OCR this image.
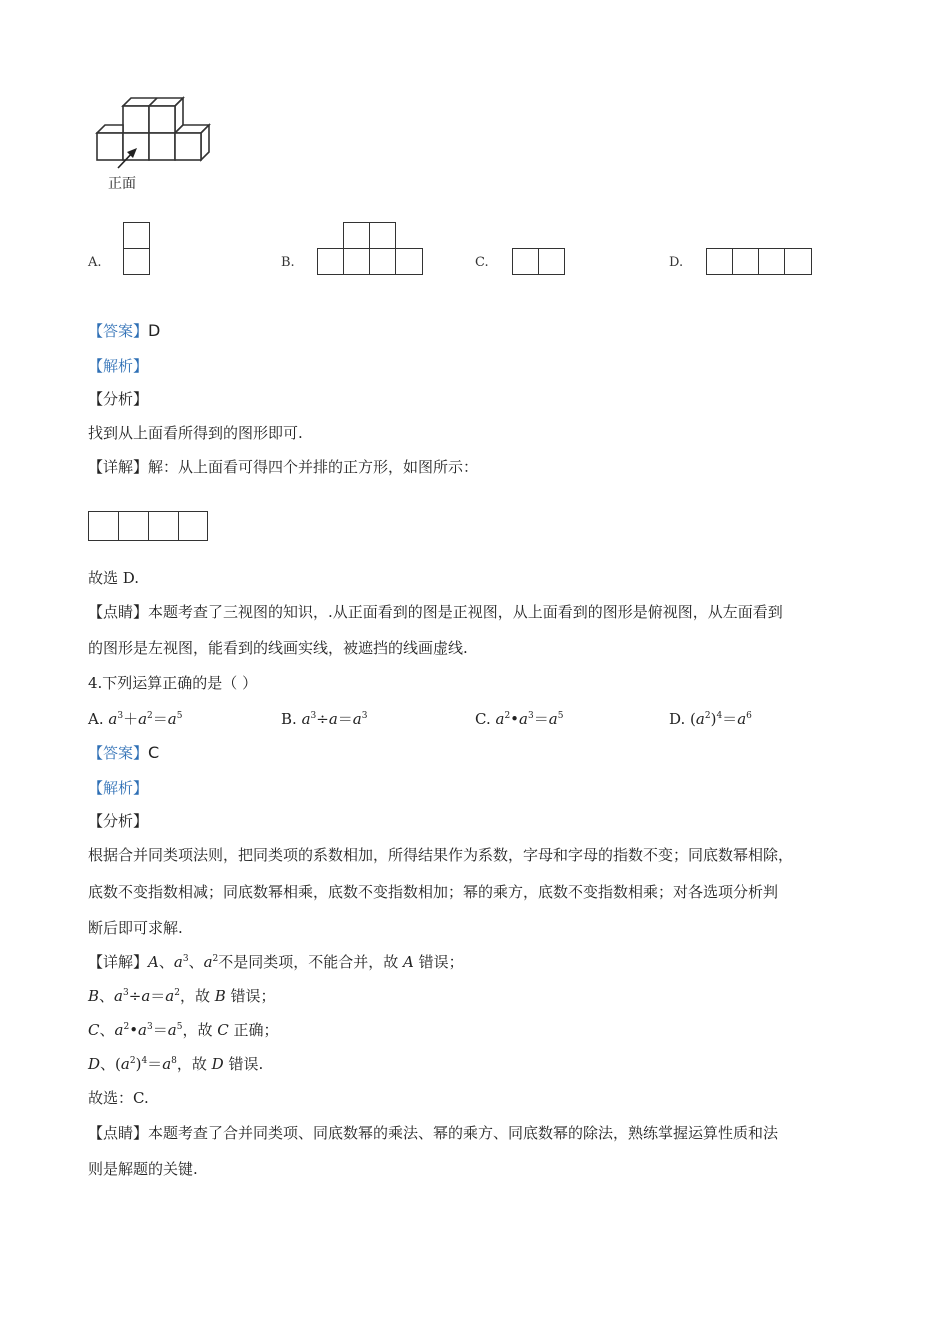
正面
A.	B.	C.	D.
【答案】D
【解析】
【分析】
找到从上面看所得到的图形即可.
【详解】解：从上面看可得四个并排的正方形，如图所示：
故选 D.
【点睛】本题考查了三视图的知识，.从正面看到的图是正视图，从上面看到的图形是俯视图，从左面看到
的图形是左视图，能看到的线画实线，被遮挡的线画虚线.
4.下列运算正确的是（ ）
A. $a^3+a^2=a^5$	B. $a^3\div a=a^3$	C. $a^2•a^3=a^5$	D. $(a^2)^4=a^6$
【答案】C
【解析】
【分析】
根据合并同类项法则，把同类项的系数相加，所得结果作为系数，字母和字母的指数不变；同底数幂相除，
底数不变指数相减；同底数幂相乘，底数不变指数相加；幂的乘方，底数不变指数相乘；对各选项分析判
断后即可求解.
【详解】A、$a^3$、$a^2$不是同类项，不能合并，故 A 错误；
B、$a^3\div a=a^2$，故 B 错误；
C、$a^2•a^3=a^5$，故 C 正确；
D、$(a^2)^4=a^8$，故 D 错误.
故选：C.
【点睛】本题考查了合并同类项、同底数幂的乘法、幂的乘方、同底数幂的除法，熟练掌握运算性质和法
则是解题的关键.
